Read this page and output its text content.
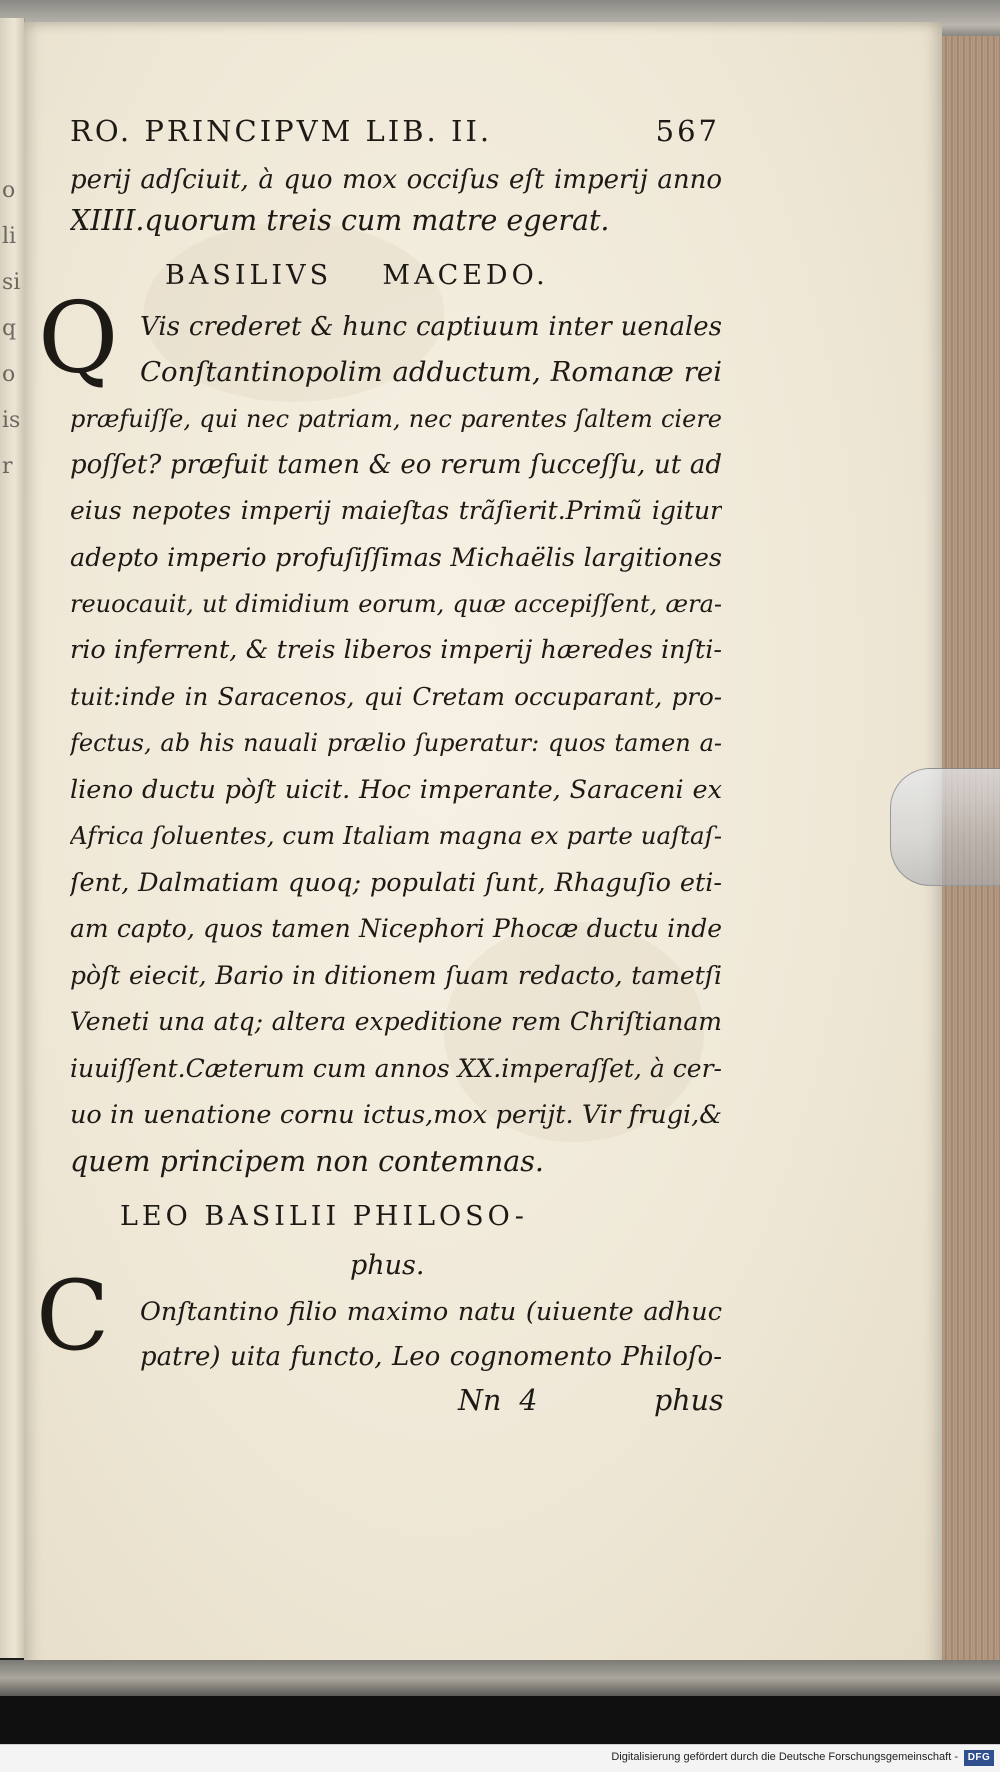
olisiqoisr
RO. PRINCIPVM LIB. II.	567
perij adſciuit, à quo mox occiſus eſt imperij anno
XIIII.quorum treis cum matre egerat.
BASILIVS    MACEDO.
Q Vis crederet & hunc captiuum inter uenales
Conſtantinopolim adductum, Romanæ rei
præfuiſſe, qui nec patriam, nec parentes ſaltem ciere
poſſet? præfuit tamen & eo rerum ſucceſſu, ut ad
eius nepotes imperij maieſtas trãſierit.Primũ igitur
adepto imperio profuſiſſimas Michaëlis largitiones
reuocauit, ut dimidium eorum, quæ accepiſſent, æra-
rio inferrent, & treis liberos imperij hæredes inſti-
tuit:inde in Saracenos, qui Cretam occuparant, pro-
fectus, ab his nauali prælio ſuperatur: quos tamen a-
lieno ductu pòſt uicit. Hoc imperante, Saraceni ex
Africa ſoluentes, cum Italiam magna ex parte uaſtaſ-
ſent, Dalmatiam quoq; populati ſunt, Rhaguſio eti-
am capto, quos tamen Nicephori Phocæ ductu inde
pòſt eiecit, Bario in ditionem ſuam redacto, tametſi
Veneti una atq; altera expeditione rem Chriſtianam
iuuiſſent.Cæterum cum annos XX.imperaſſet, à cer-
uo in uenatione cornu ictus,mox perijt. Vir frugi,&
quem principem non contemnas.
LEO BASILII PHILOSO-
phus.
C Onſtantino filio maximo natu (uiuente adhuc
patre) uita functo, Leo cognomento Philoſo-
Nn  4	phus
Digitalisierung gefördert durch die Deutsche Forschungsgemeinschaft - DFG
